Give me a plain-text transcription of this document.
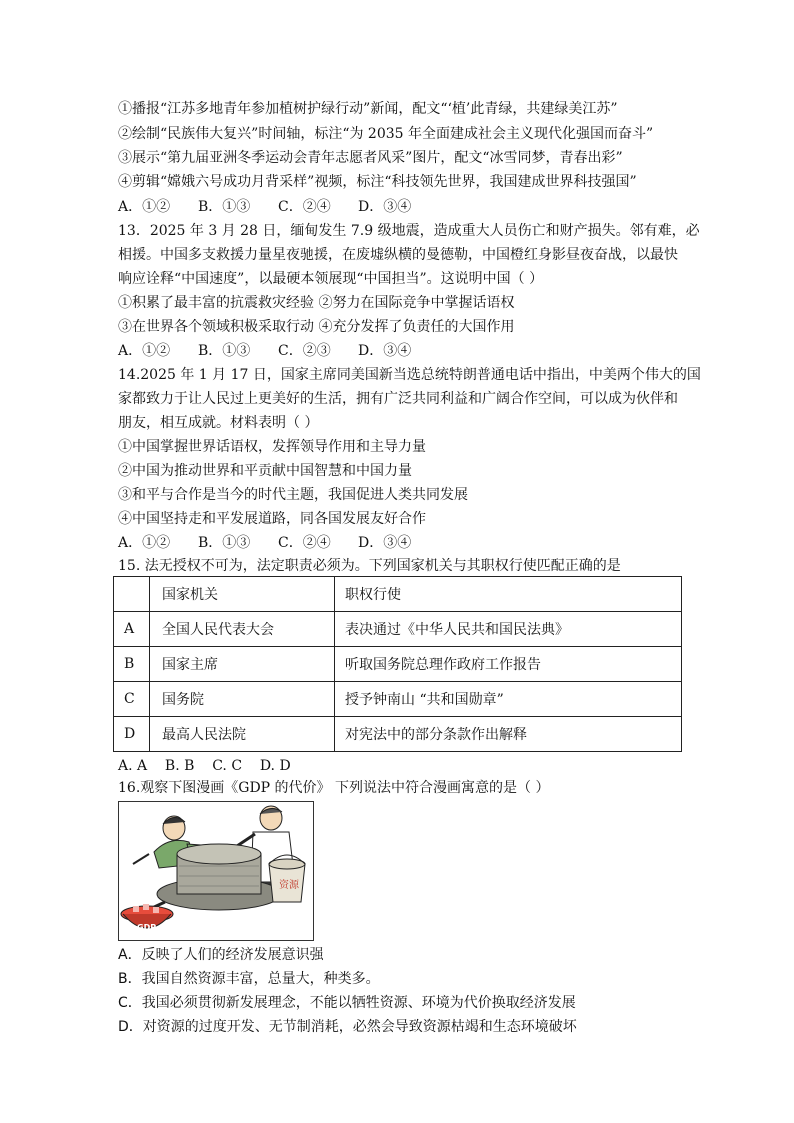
①播报“江苏多地青年参加植树护绿行动”新闻，配文“‘植’此青绿，共建绿美江苏”
②绘制“民族伟大复兴”时间轴，标注“为 2035 年全面建成社会主义现代化强国而奋斗”
③展示“第九届亚洲冬季运动会青年志愿者风采”图片，配文“冰雪同梦，青春出彩”
④剪辑“嫦娥六号成功月背采样”视频，标注“科技领先世界，我国建成世界科技强国”
A．①② B．①③ C．②④ D．③④
13．2025 年 3 月 28 日，缅甸发生 7.9 级地震，造成重大人员伤亡和财产损失。邻有难，必
相援。中国多支救援力量星夜驰援，在废墟纵横的曼德勒，中国橙红身影昼夜奋战，以最快
响应诠释“中国速度”，以最硬本领展现“中国担当”。这说明中国（ ）
①积累了最丰富的抗震救灾经验 ②努力在国际竞争中掌握话语权
③在世界各个领域积极采取行动 ④充分发挥了负责任的大国作用
A．①② B．①③ C．②③ D．③④
14.2025 年 1 月 17 日，国家主席同美国新当选总统特朗普通电话中指出，中美两个伟大的国
家都致力于让人民过上更美好的生活，拥有广泛共同利益和广阔合作空间，可以成为伙伴和
朋友，相互成就。材料表明（ ）
①中国掌握世界话语权，发挥领导作用和主导力量
②中国为推动世界和平贡献中国智慧和中国力量
③和平与合作是当今的时代主题，我国促进人类共同发展
④中国坚持走和平发展道路，同各国发展友好合作
A．①② B．①③ C．②④ D．③④
15. 法无授权不可为，法定职责必须为。下列国家机关与其职权行使匹配正确的是
	国家机关	职权行使
A	全国人民代表大会	表决通过《中华人民共和国民法典》
B	国家主席	听取国务院总理作政府工作报告
C	国务院	授予钟南山 “共和国勋章”
D	最高人民法院	对宪法中的部分条款作出解释
A. A    B. B    C. C    D. D
16.观察下图漫画《GDP 的代价》 下列说法中符合漫画寓意的是（ ）
资源
GDP
A．反映了人们的经济发展意识强
B．我国自然资源丰富，总量大，种类多。
C．我国必须贯彻新发展理念，不能以牺牲资源、环境为代价换取经济发展
D．对资源的过度开发、无节制消耗，必然会导致资源枯竭和生态环境破坏
